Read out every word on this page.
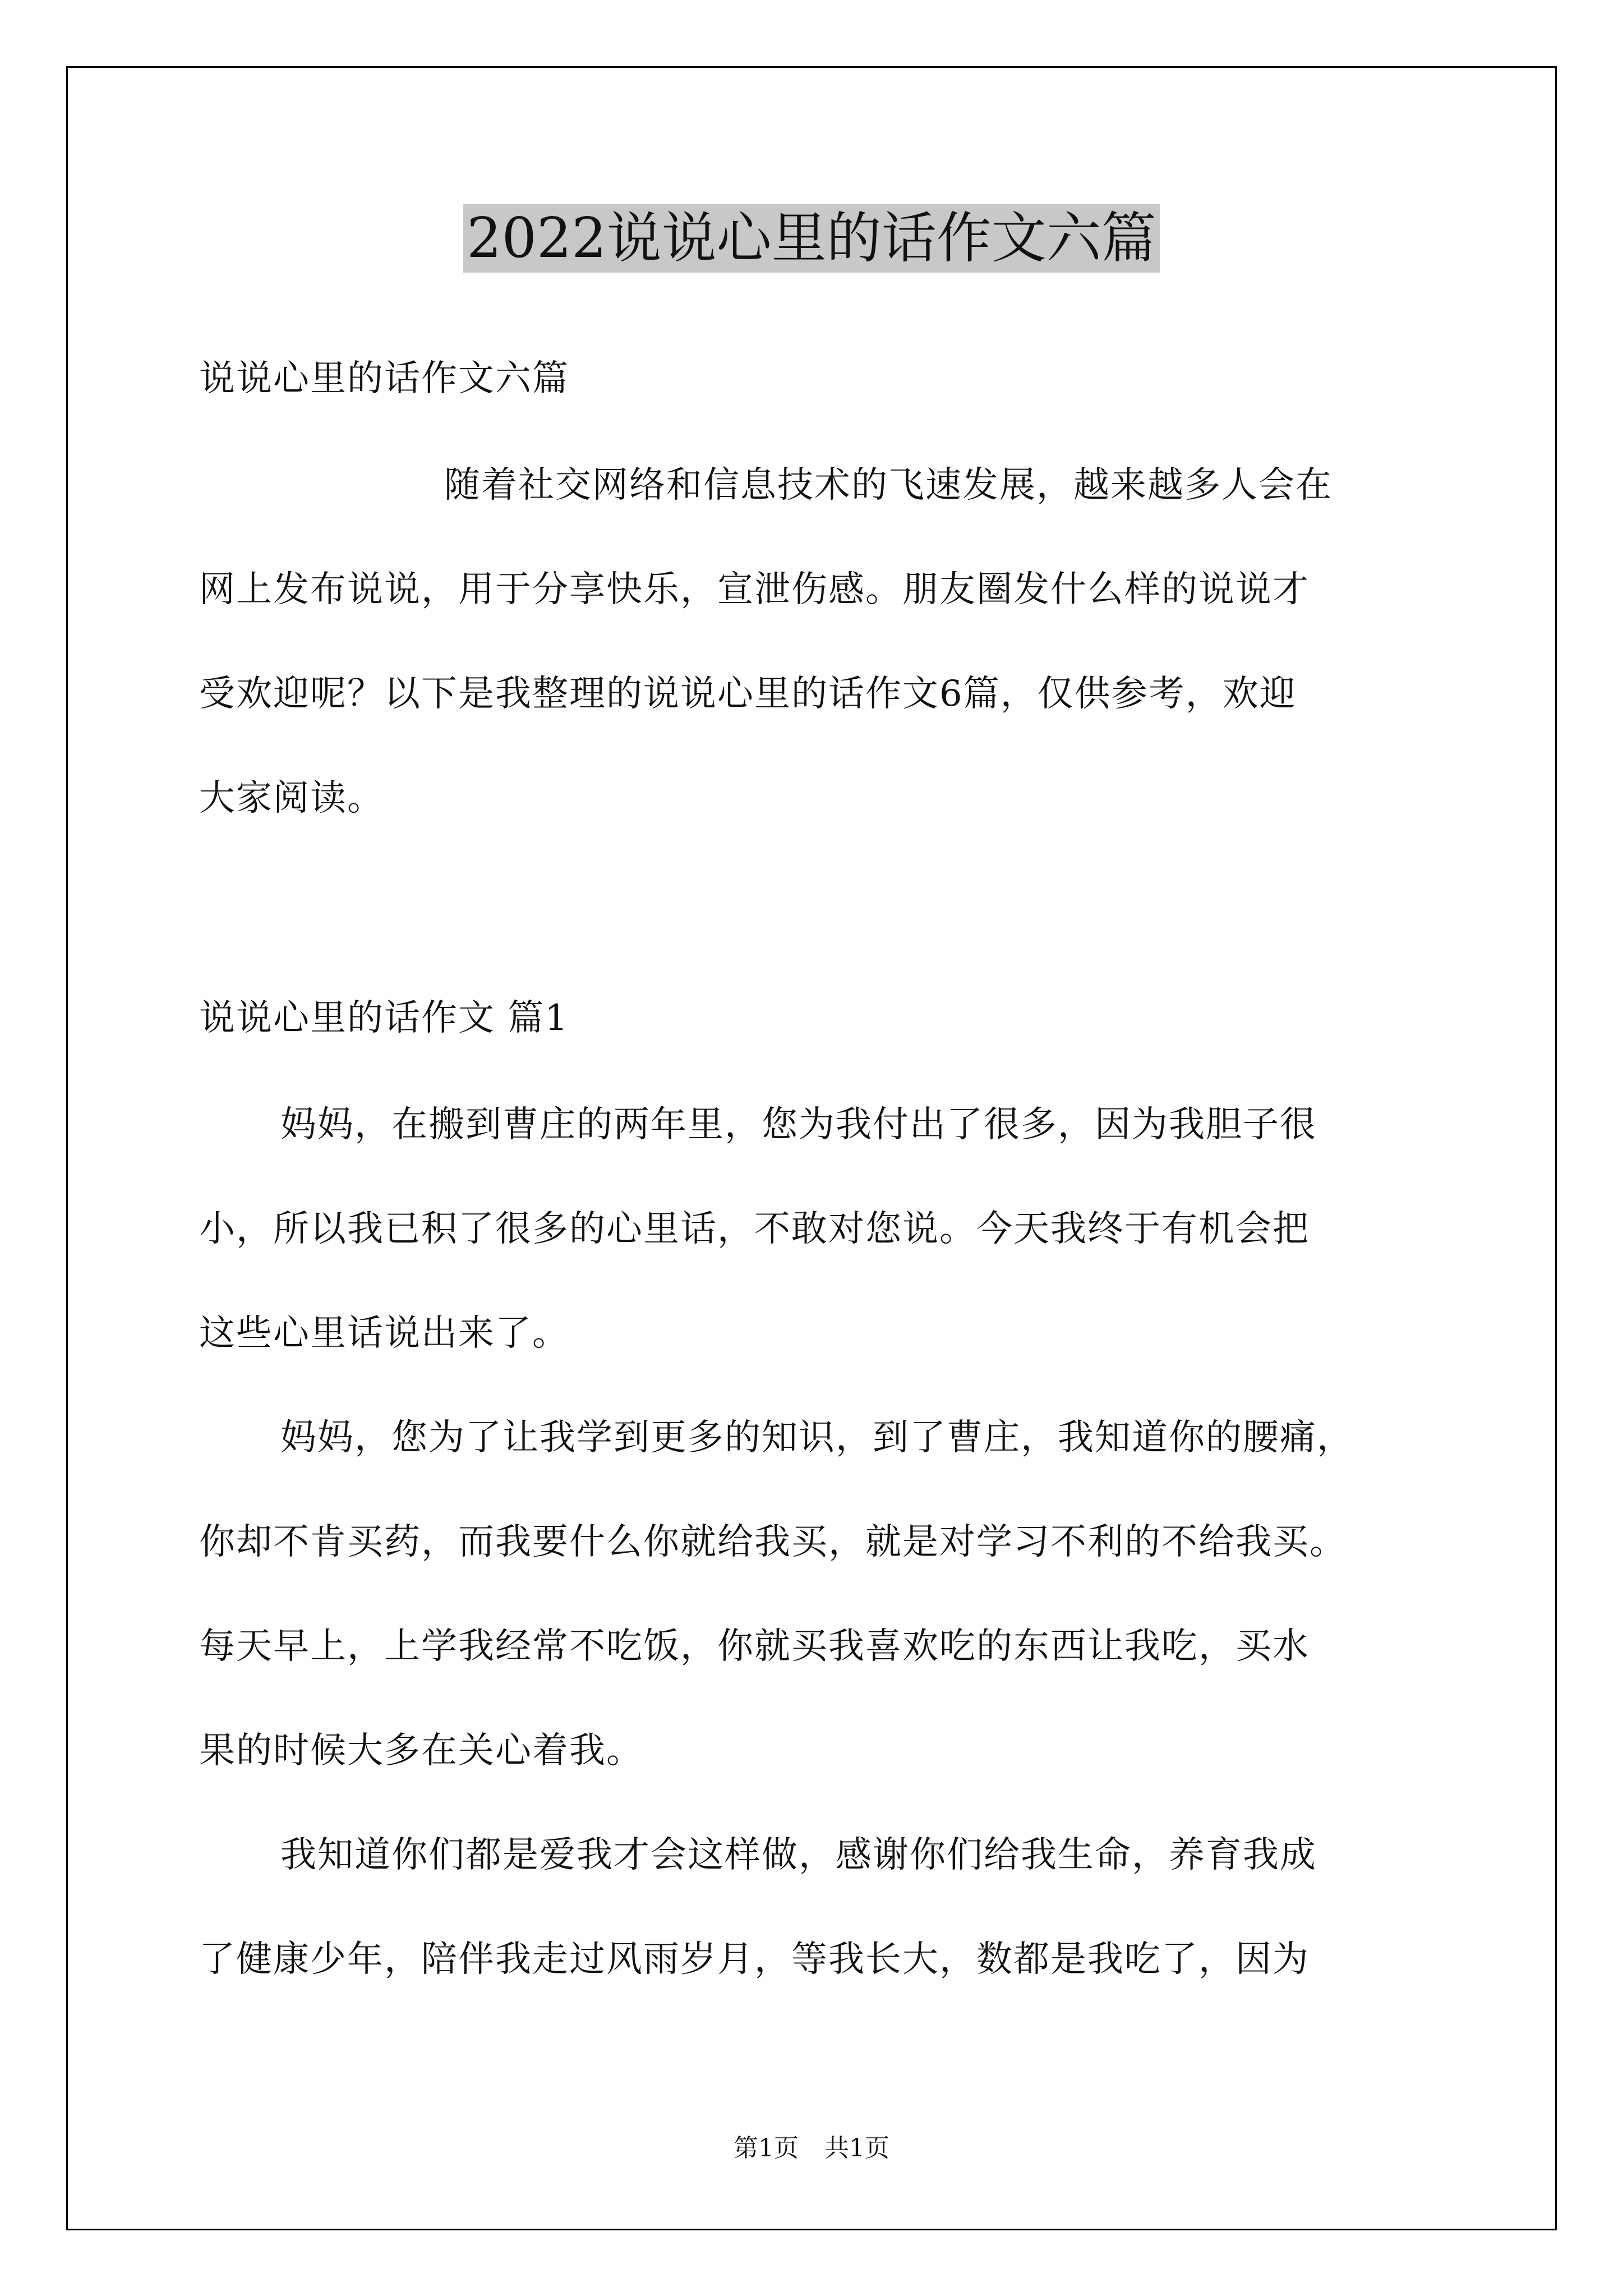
2022说说心里的话作文六篇
说说心里的话作文六篇
随着社交网络和信息技术的飞速发展，越来越多人会在
网上发布说说，用于分享快乐，宣泄伤感。朋友圈发什么样的说说才
受欢迎呢？以下是我整理的说说心里的话作文6篇，仅供参考，欢迎
大家阅读。
说说心里的话作文 篇1
妈妈，在搬到曹庄的两年里，您为我付出了很多，因为我胆子很
小，所以我已积了很多的心里话，不敢对您说。今天我终于有机会把
这些心里话说出来了。
妈妈，您为了让我学到更多的知识，到了曹庄，我知道你的腰痛，
你却不肯买药，而我要什么你就给我买，就是对学习不利的不给我买。
每天早上，上学我经常不吃饭，你就买我喜欢吃的东西让我吃，买水
果的时候大多在关心着我。
我知道你们都是爱我才会这样做，感谢你们给我生命，养育我成
了健康少年，陪伴我走过风雨岁月，等我长大，数都是我吃了，因为
第1页 共1页
